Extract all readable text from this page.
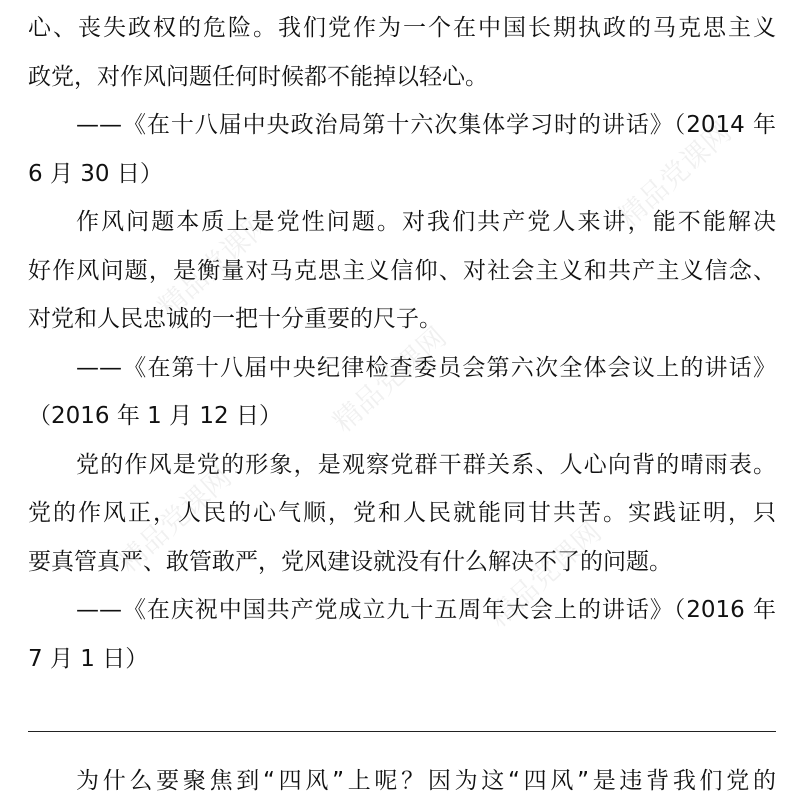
精品党课网
精品党课网
精品党课网
精品党课网	精品党课网
心、丧失政权的危险。我们党作为一个在中国长期执政的马克思主义
政党，对作风问题任何时候都不能掉以轻心。
——《在十八届中央政治局第十六次集体学习时的讲话》（2014 年
6 月 30 日）
作风问题本质上是党性问题。对我们共产党人来讲，能不能解决
好作风问题，是衡量对马克思主义信仰、对社会主义和共产主义信念、
对党和人民忠诚的一把十分重要的尺子。
——《在第十八届中央纪律检查委员会第六次全体会议上的讲话》
（2016 年 1 月 12 日）
党的作风是党的形象，是观察党群干群关系、人心向背的晴雨表。
党的作风正，人民的心气顺，党和人民就能同甘共苦。实践证明，只
要真管真严、敢管敢严，党风建设就没有什么解决不了的问题。
——《在庆祝中国共产党成立九十五周年大会上的讲话》（2016 年
7 月 1 日）
为什么要聚焦到“四风”上呢？因为这“四风”是违背我们党的
